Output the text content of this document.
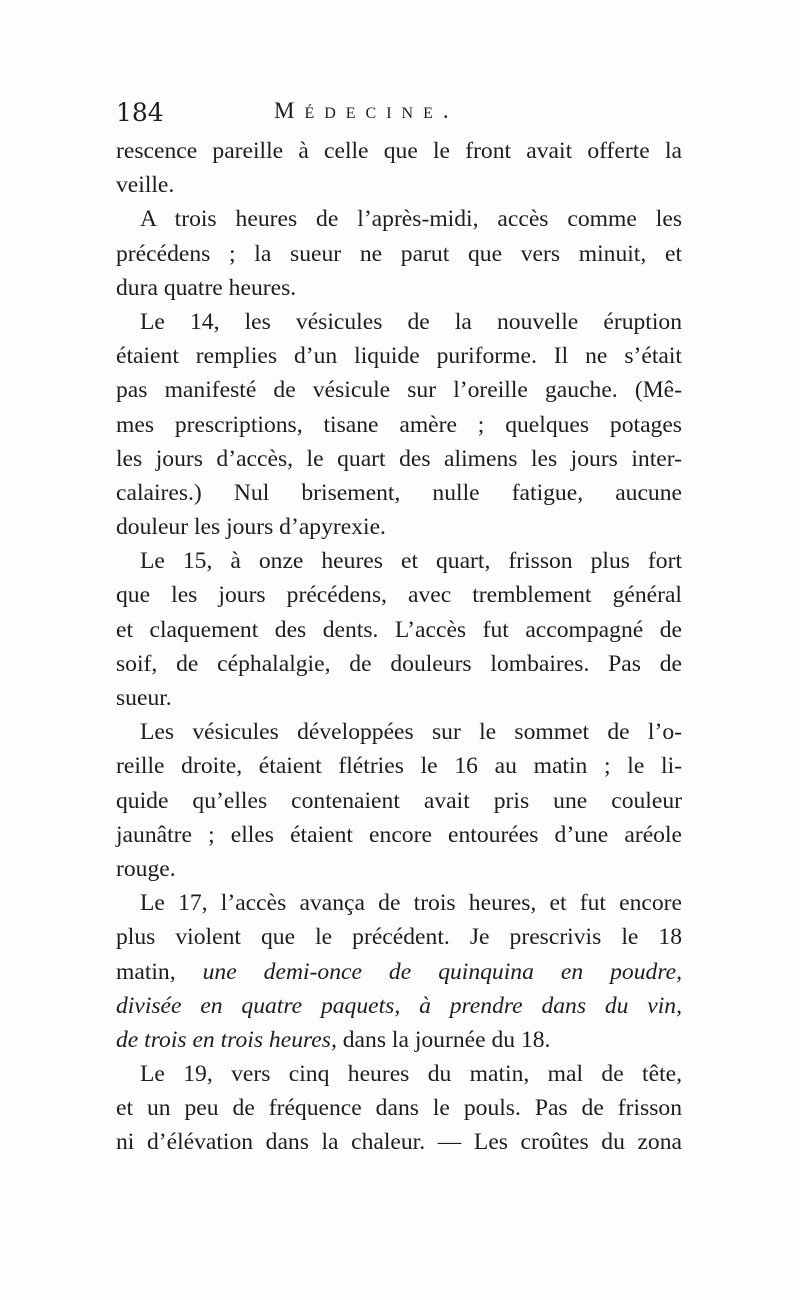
184	Médecine.
rescence pareille à celle que le front avait offerte la
veille.
A trois heures de l’après-midi, accès comme les
précédens ; la sueur ne parut que vers minuit, et
dura quatre heures.
Le 14, les vésicules de la nouvelle éruption
étaient remplies d’un liquide puriforme. Il ne s’était
pas manifesté de vésicule sur l’oreille gauche. (Mê-
mes prescriptions, tisane amère ; quelques potages
les jours d’accès, le quart des alimens les jours inter-
calaires.) Nul brisement, nulle fatigue, aucune
douleur les jours d’apyrexie.
Le 15, à onze heures et quart, frisson plus fort
que les jours précédens, avec tremblement général
et claquement des dents. L’accès fut accompagné de
soif, de céphalalgie, de douleurs lombaires. Pas de
sueur.
Les vésicules développées sur le sommet de l’o-
reille droite, étaient flétries le 16 au matin ; le li-
quide qu’elles contenaient avait pris une couleur
jaunâtre ; elles étaient encore entourées d’une aréole
rouge.
Le 17, l’accès avança de trois heures, et fut encore
plus violent que le précédent. Je prescrivis le 18
matin, une demi-once de quinquina en poudre,
divisée en quatre paquets, à prendre dans du vin,
de trois en trois heures, dans la journée du 18.
Le 19, vers cinq heures du matin, mal de tête,
et un peu de fréquence dans le pouls. Pas de frisson
ni d’élévation dans la chaleur. — Les croûtes du zona
